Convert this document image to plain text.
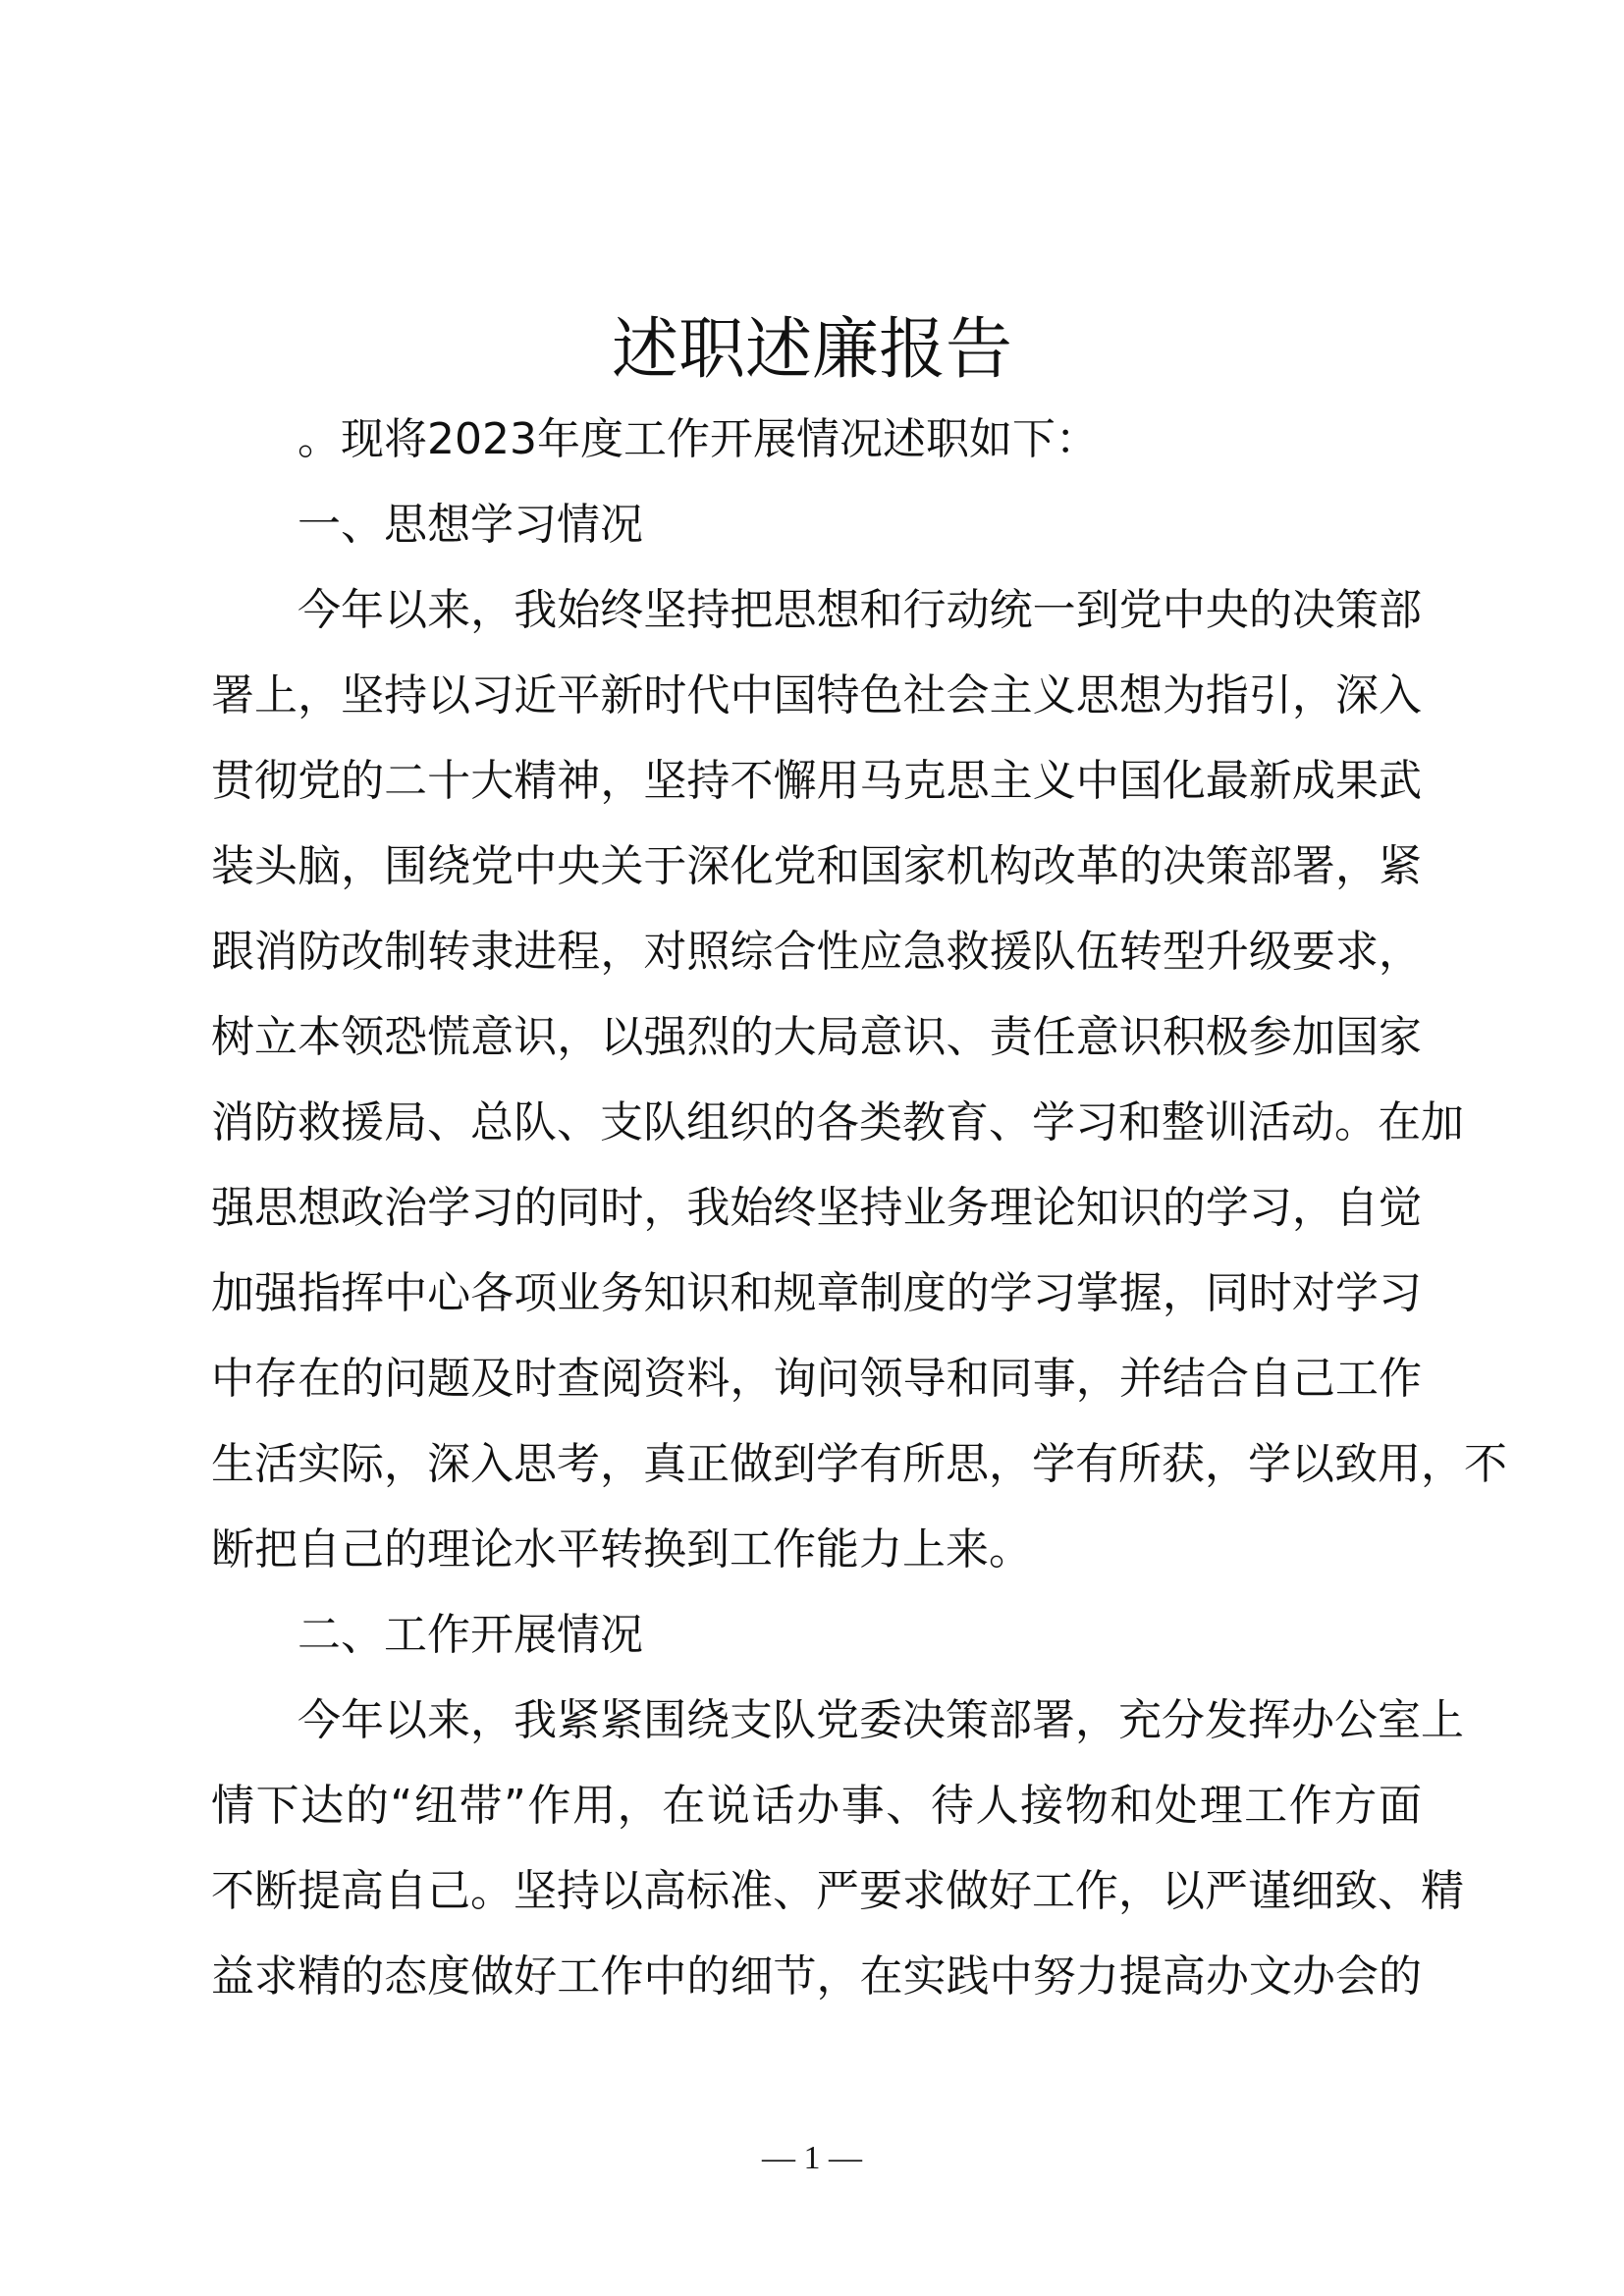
述职述廉报告
。现将2023年度工作开展情况述职如下：
一、思想学习情况
今年以来，我始终坚持把思想和行动统一到党中央的决策部
署上，坚持以习近平新时代中国特色社会主义思想为指引，深入
贯彻党的二十大精神，坚持不懈用马克思主义中国化最新成果武
装头脑，围绕党中央关于深化党和国家机构改革的决策部署，紧
跟消防改制转隶进程，对照综合性应急救援队伍转型升级要求，
树立本领恐慌意识，以强烈的大局意识、责任意识积极参加国家
消防救援局、总队、支队组织的各类教育、学习和整训活动。在加
强思想政治学习的同时，我始终坚持业务理论知识的学习，自觉
加强指挥中心各项业务知识和规章制度的学习掌握，同时对学习
中存在的问题及时查阅资料，询问领导和同事，并结合自己工作
生活实际，深入思考，真正做到学有所思，学有所获，学以致用，不
断把自己的理论水平转换到工作能力上来。
二、工作开展情况
今年以来，我紧紧围绕支队党委决策部署，充分发挥办公室上
情下达的“纽带”作用，在说话办事、待人接物和处理工作方面
不断提高自己。坚持以高标准、严要求做好工作，以严谨细致、精
益求精的态度做好工作中的细节，在实践中努力提高办文办会的
— 1 —
